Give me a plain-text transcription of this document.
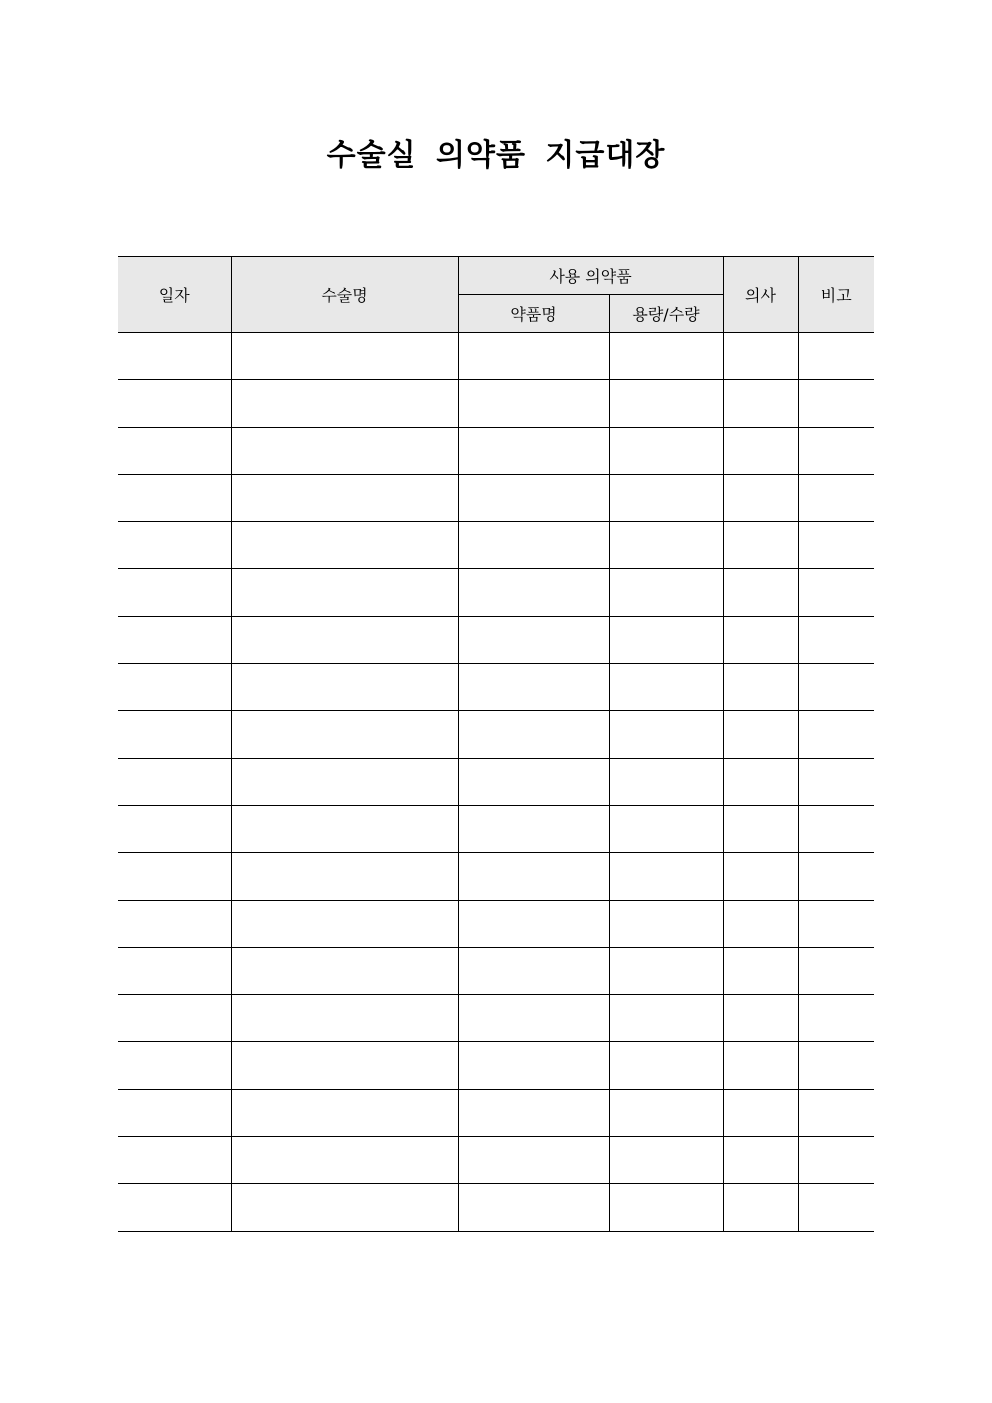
수술실 의약품 지급대장
일자	수술명	사용 의약품		의사	비고
		약품명	용량/수량		
